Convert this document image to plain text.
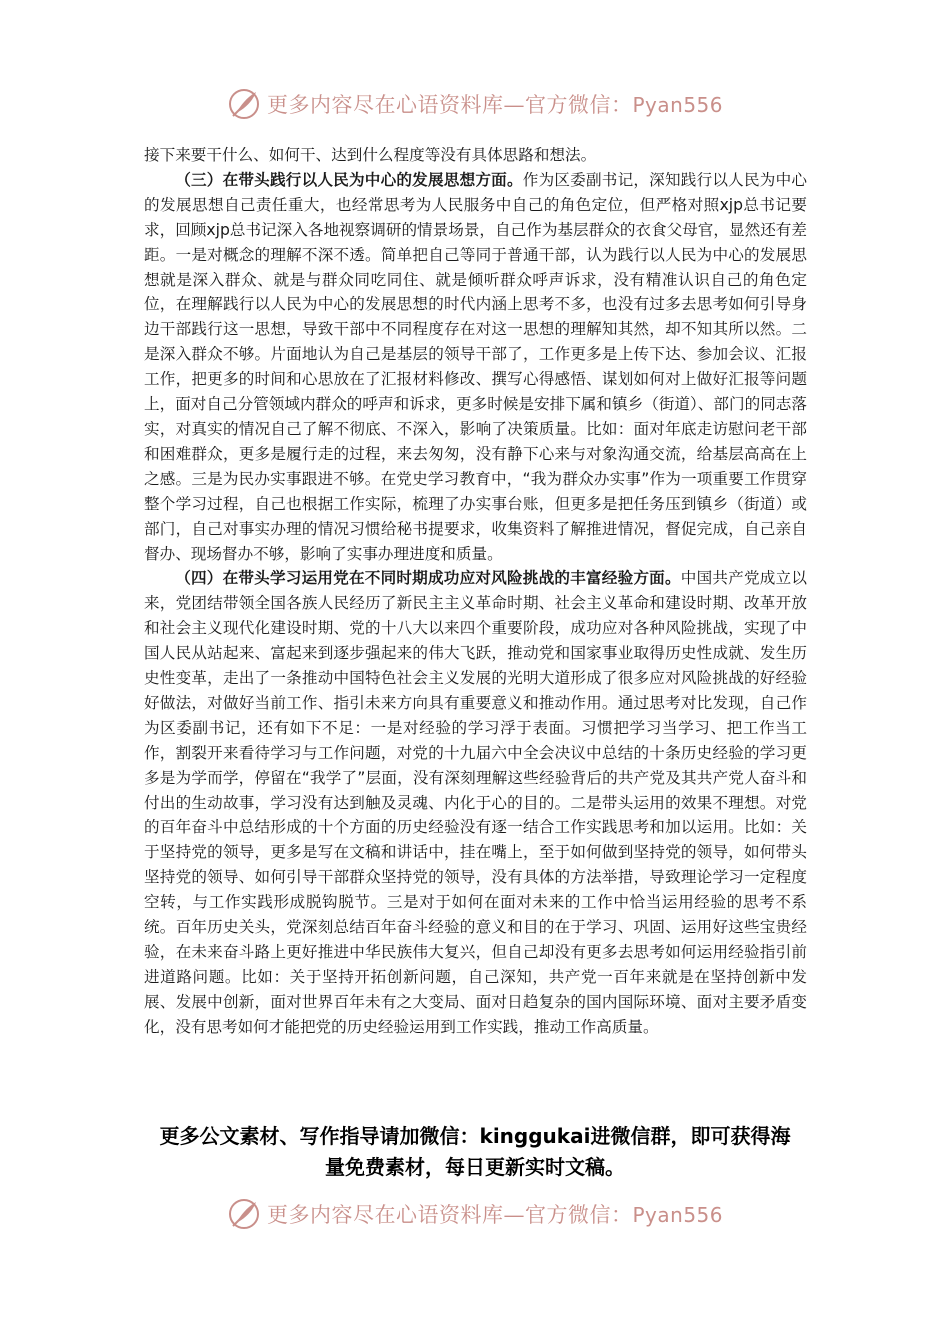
更多内容尽在心语资料库—官方微信：Pyan556

接下来要干什么、如何干、达到什么程度等没有具体思路和想法。

（三）在带头践行以人民为中心的发展思想方面。作为区委副书记，深知践行以人民为中心的发展思想自己责任重大，也经常思考为人民服务中自己的角色定位，但严格对照xjp总书记要求，回顾xjp总书记深入各地视察调研的情景场景，自己作为基层群众的衣食父母官，显然还有差距。一是对概念的理解不深不透。简单把自己等同于普通干部，认为践行以人民为中心的发展思想就是深入群众、就是与群众同吃同住、就是倾听群众呼声诉求，没有精准认识自己的角色定位，在理解践行以人民为中心的发展思想的时代内涵上思考不多，也没有过多去思考如何引导身边干部践行这一思想，导致干部中不同程度存在对这一思想的理解知其然，却不知其所以然。二是深入群众不够。片面地认为自己是基层的领导干部了，工作更多是上传下达、参加会议、汇报工作，把更多的时间和心思放在了汇报材料修改、撰写心得感悟、谋划如何对上做好汇报等问题上，面对自己分管领域内群众的呼声和诉求，更多时候是安排下属和镇乡（街道）、部门的同志落实，对真实的情况自己了解不彻底、不深入，影响了决策质量。比如：面对年底走访慰问老干部和困难群众，更多是履行走的过程，来去匆匆，没有静下心来与对象沟通交流，给基层高高在上之感。三是为民办实事跟进不够。在党史学习教育中，“我为群众办实事”作为一项重要工作贯穿整个学习过程，自己也根据工作实际，梳理了办实事台账，但更多是把任务压到镇乡（街道）或部门，自己对事实办理的情况习惯给秘书提要求，收集资料了解推进情况，督促完成，自己亲自督办、现场督办不够，影响了实事办理进度和质量。

（四）在带头学习运用党在不同时期成功应对风险挑战的丰富经验方面。中国共产党成立以来，党团结带领全国各族人民经历了新民主主义革命时期、社会主义革命和建设时期、改革开放和社会主义现代化建设时期、党的十八大以来四个重要阶段，成功应对各种风险挑战，实现了中国人民从站起来、富起来到逐步强起来的伟大飞跃，推动党和国家事业取得历史性成就、发生历史性变革，走出了一条推动中国特色社会主义发展的光明大道形成了很多应对风险挑战的好经验好做法，对做好当前工作、指引未来方向具有重要意义和推动作用。通过思考对比发现，自己作为区委副书记，还有如下不足：一是对经验的学习浮于表面。习惯把学习当学习、把工作当工作，割裂开来看待学习与工作问题，对党的十九届六中全会决议中总结的十条历史经验的学习更多是为学而学，停留在“我学了”层面，没有深刻理解这些经验背后的共产党及其共产党人奋斗和付出的生动故事，学习没有达到触及灵魂、内化于心的目的。二是带头运用的效果不理想。对党的百年奋斗中总结形成的十个方面的历史经验没有逐一结合工作实践思考和加以运用。比如：关于坚持党的领导，更多是写在文稿和讲话中，挂在嘴上，至于如何做到坚持党的领导，如何带头坚持党的领导、如何引导干部群众坚持党的领导，没有具体的方法举措，导致理论学习一定程度空转，与工作实践形成脱钩脱节。三是对于如何在面对未来的工作中恰当运用经验的思考不系统。百年历史关头，党深刻总结百年奋斗经验的意义和目的在于学习、巩固、运用好这些宝贵经验，在未来奋斗路上更好推进中华民族伟大复兴，但自己却没有更多去思考如何运用经验指引前进道路问题。比如：关于坚持开拓创新问题，自己深知，共产党一百年来就是在坚持创新中发展、发展中创新，面对世界百年未有之大变局、面对日趋复杂的国内国际环境、面对主要矛盾变化，没有思考如何才能把党的历史经验运用到工作实践，推动工作高质量。

更多公文素材、写作指导请加微信：kinggukai进微信群，即可获得海量免费素材，每日更新实时文稿。

更多内容尽在心语资料库—官方微信：Pyan556
